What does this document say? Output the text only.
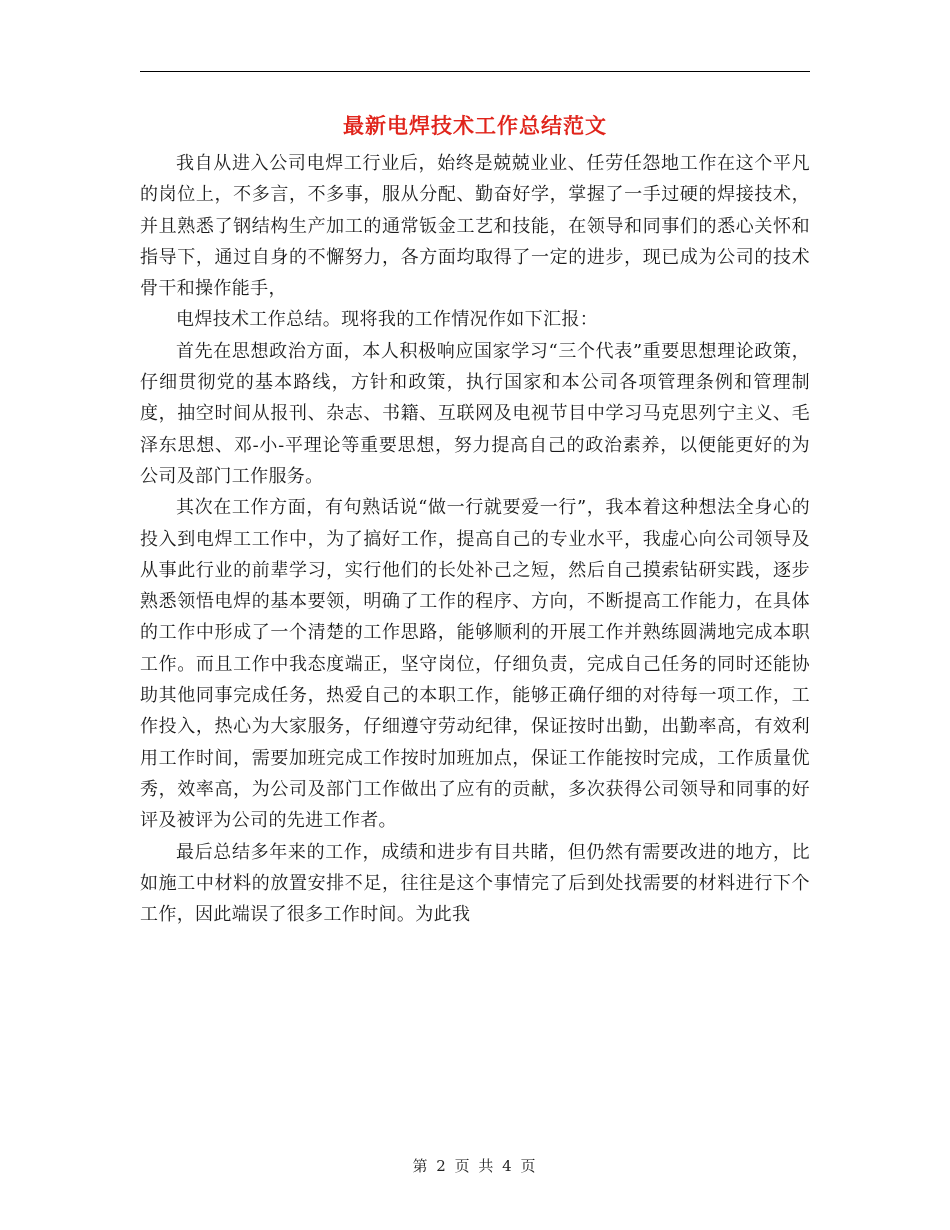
最新电焊技术工作总结范文

我自从进入公司电焊工行业后，始终是兢兢业业、任劳任怨地工作在这个平凡的岗位上，不多言，不多事，服从分配、勤奋好学，掌握了一手过硬的焊接技术，并且熟悉了钢结构生产加工的通常钣金工艺和技能，在领导和同事们的悉心关怀和指导下，通过自身的不懈努力，各方面均取得了一定的进步，现已成为公司的技术骨干和操作能手，

电焊技术工作总结。现将我的工作情况作如下汇报：

首先在思想政治方面，本人积极响应国家学习“三个代表”重要思想理论政策，仔细贯彻党的基本路线，方针和政策，执行国家和本公司各项管理条例和管理制度，抽空时间从报刊、杂志、书籍、互联网及电视节目中学习马克思列宁主义、毛泽东思想、邓-小-平理论等重要思想，努力提高自己的政治素养，以便能更好的为公司及部门工作服务。

其次在工作方面，有句熟话说“做一行就要爱一行”，我本着这种想法全身心的投入到电焊工工作中，为了搞好工作，提高自己的专业水平，我虚心向公司领导及从事此行业的前辈学习，实行他们的长处补己之短，然后自己摸索钻研实践，逐步熟悉领悟电焊的基本要领，明确了工作的程序、方向，不断提高工作能力，在具体的工作中形成了一个清楚的工作思路，能够顺利的开展工作并熟练圆满地完成本职工作。而且工作中我态度端正，坚守岗位，仔细负责，完成自己任务的同时还能协助其他同事完成任务，热爱自己的本职工作，能够正确仔细的对待每一项工作，工作投入，热心为大家服务，仔细遵守劳动纪律，保证按时出勤，出勤率高，有效利用工作时间，需要加班完成工作按时加班加点，保证工作能按时完成，工作质量优秀，效率高，为公司及部门工作做出了应有的贡献，多次获得公司领导和同事的好评及被评为公司的先进工作者。

最后总结多年来的工作，成绩和进步有目共睹，但仍然有需要改进的地方，比如施工中材料的放置安排不足，往往是这个事情完了后到处找需要的材料进行下个工作，因此端误了很多工作时间。为此我

第 2 页 共 4 页
